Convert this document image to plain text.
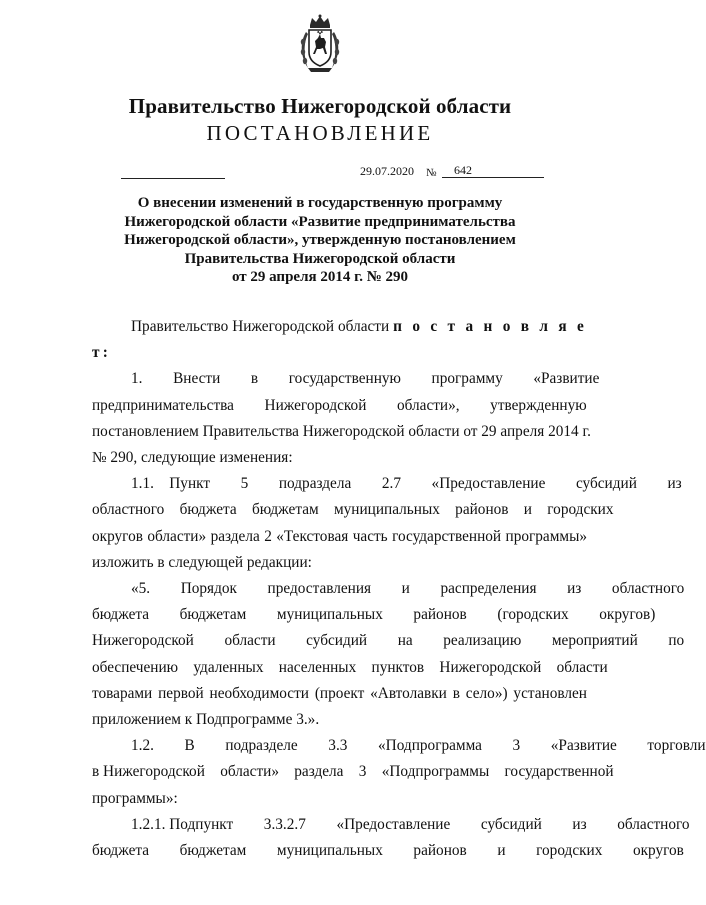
Правительство Нижегородской области
ПОСТАНОВЛЕНИЕ
29.07.2020 №	642
О внесении изменений в государственную программу
Нижегородской области «Развитие предпринимательства
Нижегородской области», утвержденную постановлением
Правительства Нижегородской области
от 29 апреля 2014 г. № 290

Правительство Нижегородской области п о с т а н о в л я е т:

1.  Внести  в  государственную  программу  «Развитие
предпринимательства  Нижегородской  области»,  утвержденную
постановлением Правительства Нижегородской области от 29 апреля 2014 г.
№ 290, следующие изменения:
1.1. Пункт  5  подраздела  2.7  «Предоставление  субсидий  из
областного бюджета бюджетам муниципальных районов и городских
округов области» раздела 2 «Текстовая часть государственной программы»
изложить в следующей редакции:
«5.  Порядок  предоставления  и  распределения  из  областного
бюджета  бюджетам  муниципальных  районов  (городских  округов)
Нижегородской  области  субсидий  на  реализацию  мероприятий  по
обеспечению удаленных населенных пунктов Нижегородской области
товарами первой необходимости (проект «Автолавки в село») установлен
приложением к Подпрограмме 3.».
1.2.  В  подразделе  3.3  «Подпрограмма  3  «Развитие  торговли
в Нижегородской области» раздела 3 «Подпрограммы государственной
программы»:
1.2.1. Подпункт  3.3.2.7  «Предоставление  субсидий  из  областного
бюджета  бюджетам  муниципальных  районов  и  городских  округов
